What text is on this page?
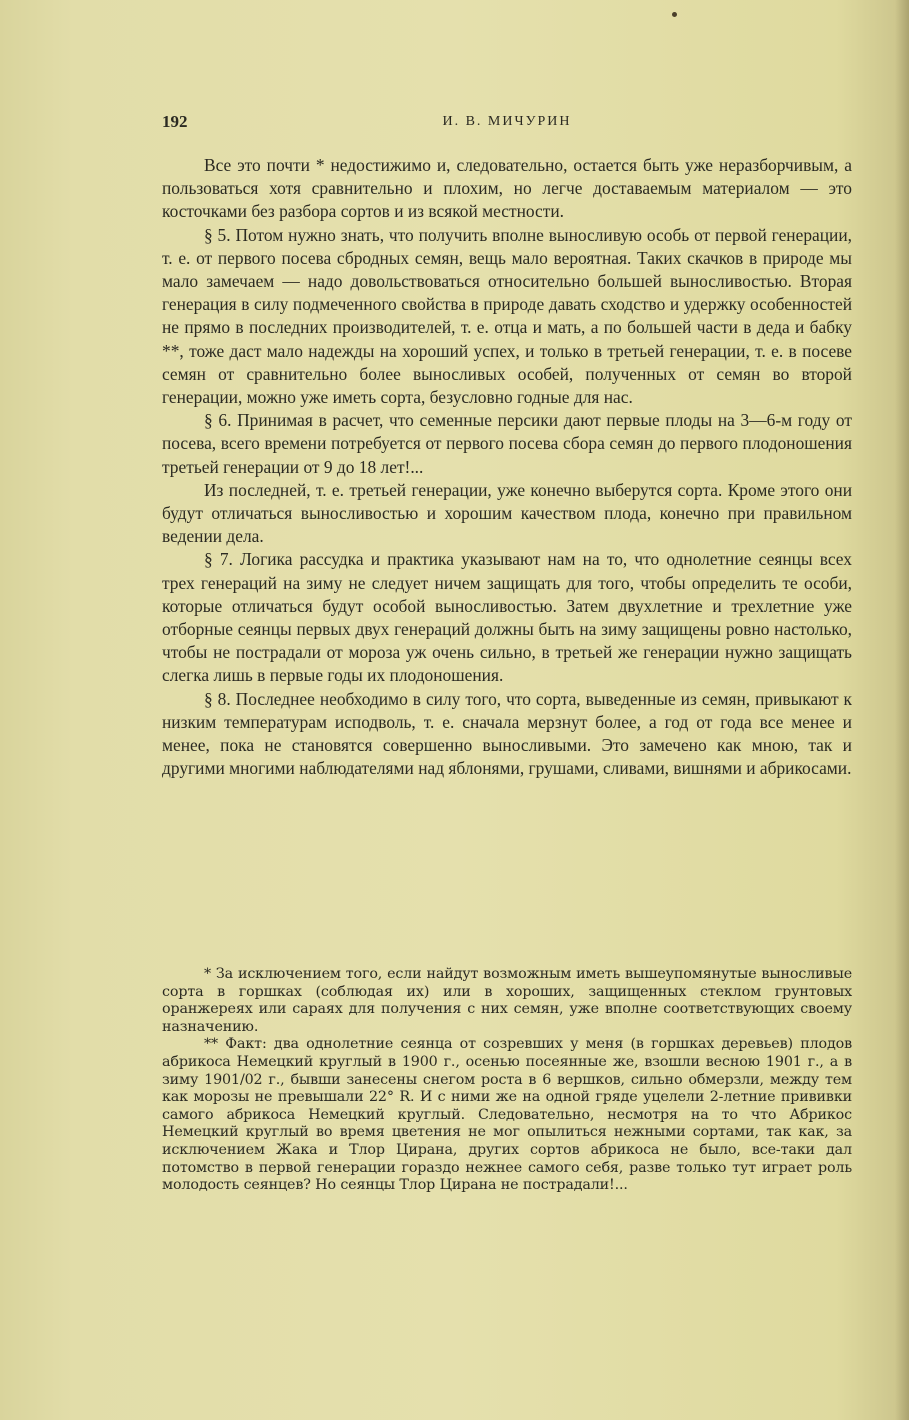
192	И. В. МИЧУРИН

Все это почти * недостижимо и, следовательно, остается быть уже неразборчивым, а пользоваться хотя сравнительно и плохим, но легче доставаемым материалом — это косточками без разбора сортов и из всякой местности.

§ 5. Потом нужно знать, что получить вполне выносливую особь от первой генерации, т. е. от первого посева сбродных семян, вещь мало вероятная. Таких скачков в природе мы мало замечаем — надо довольствоваться относительно большей выносливостью. Вторая генерация в силу подмеченного свойства в природе давать сходство и удержку особенностей не прямо в последних производителей, т. е. отца и мать, а по большей части в деда и бабку **, тоже даст мало надежды на хороший успех, и только в третьей генерации, т. е. в посеве семян от сравнительно более выносливых особей, полученных от семян во второй генерации, можно уже иметь сорта, безусловно годные для нас.

§ 6. Принимая в расчет, что семенные персики дают первые плоды на 3—6-м году от посева, всего времени потребуется от первого посева сбора семян до первого плодоношения третьей генерации от 9 до 18 лет!...

Из последней, т. е. третьей генерации, уже конечно выберутся сорта. Кроме этого они будут отличаться выносливостью и хорошим качеством плода, конечно при правильном ведении дела.

§ 7. Логика рассудка и практика указывают нам на то, что однолетние сеянцы всех трех генераций на зиму не следует ничем защищать для того, чтобы определить те особи, которые отличаться будут особой выносливостью. Затем двухлетние и трехлетние уже отборные сеянцы первых двух генераций должны быть на зиму защищены ровно настолько, чтобы не пострадали от мороза уж очень сильно, в третьей же генерации нужно защищать слегка лишь в первые годы их плодоношения.

§ 8. Последнее необходимо в силу того, что сорта, выведенные из семян, привыкают к низким температурам исподволь, т. е. сначала мерзнут более, а год от года все менее и менее, пока не становятся совершенно выносливыми. Это замечено как мною, так и другими многими наблюдателями над яблонями, грушами, сливами, вишнями и абрикосами.

* За исключением того, если найдут возможным иметь вышеупомянутые выносливые сорта в горшках (соблюдая их) или в хороших, защищенных стеклом грунтовых оранжереях или сараях для получения с них семян, уже вполне соответствующих своему назначению.

** Факт: два однолетние сеянца от созревших у меня (в горшках деревьев) плодов абрикоса Немецкий круглый в 1900 г., осенью посеянные же, взошли весною 1901 г., а в зиму 1901/02 г., бывши занесены снегом роста в 6 вершков, сильно обмерзли, между тем как морозы не превышали 22° R. И с ними же на одной гряде уцелели 2-летние прививки самого абрикоса Немецкий круглый. Следовательно, несмотря на то что Абрикос Немецкий круглый во время цветения не мог опылиться нежными сортами, так как, за исключением Жака и Тлор Цирана, других сортов абрикоса не было, все-таки дал потомство в первой генерации гораздо нежнее самого себя, разве только тут играет роль молодость сеянцев? Но сеянцы Тлор Цирана не пострадали!...
